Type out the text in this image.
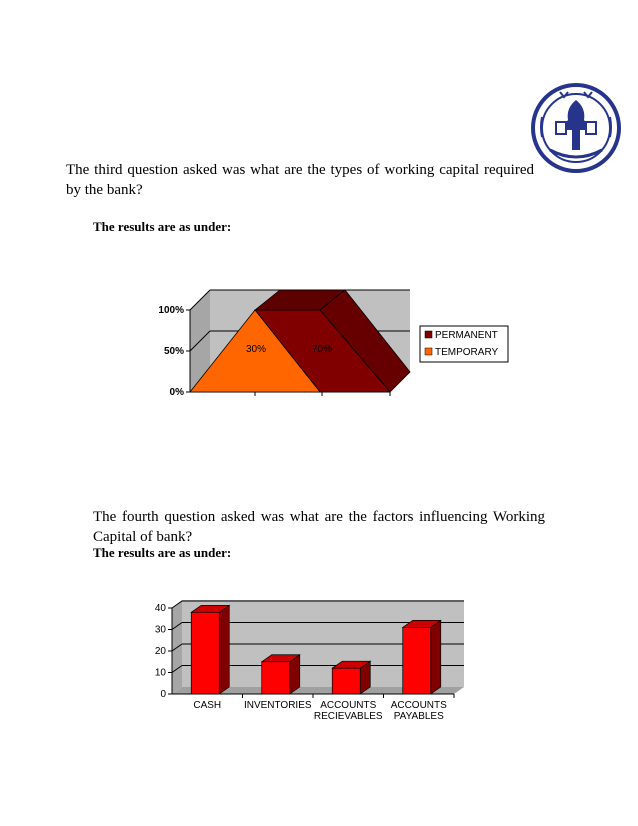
The third question asked was what are the types of working capital required by the bank?
The results are as under:
30%	70%
100%
50%
0%
PERMANENT
TEMPORARY
The fourth question asked was what are the factors influencing Working Capital of bank?
The results are as under:
0
10
20
30
40
CASH INVENTORIES ACCOUNTS
RECIEVABLES
ACCOUNTS
PAYABLES
